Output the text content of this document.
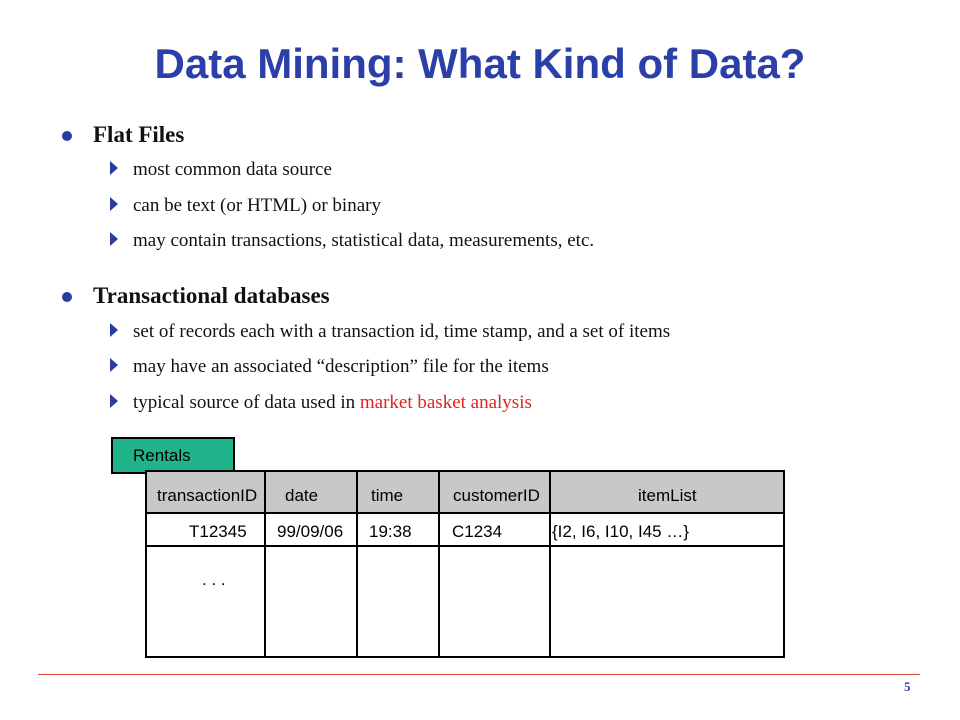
Data Mining: What Kind of Data?
Flat Files
most common data source
can be text (or HTML) or binary
may contain transactions, statistical data, measurements, etc.
Transactional databases
set of records each with a transaction id, time stamp, and a set of items
may have an associated “description” file for the items
typical source of data used in market basket analysis
Rentals
transactionID date	time	customerID	itemList
T12345 99/09/06 19:38 C1234	{I2, I6, I10, I45 …}
. . .
5
